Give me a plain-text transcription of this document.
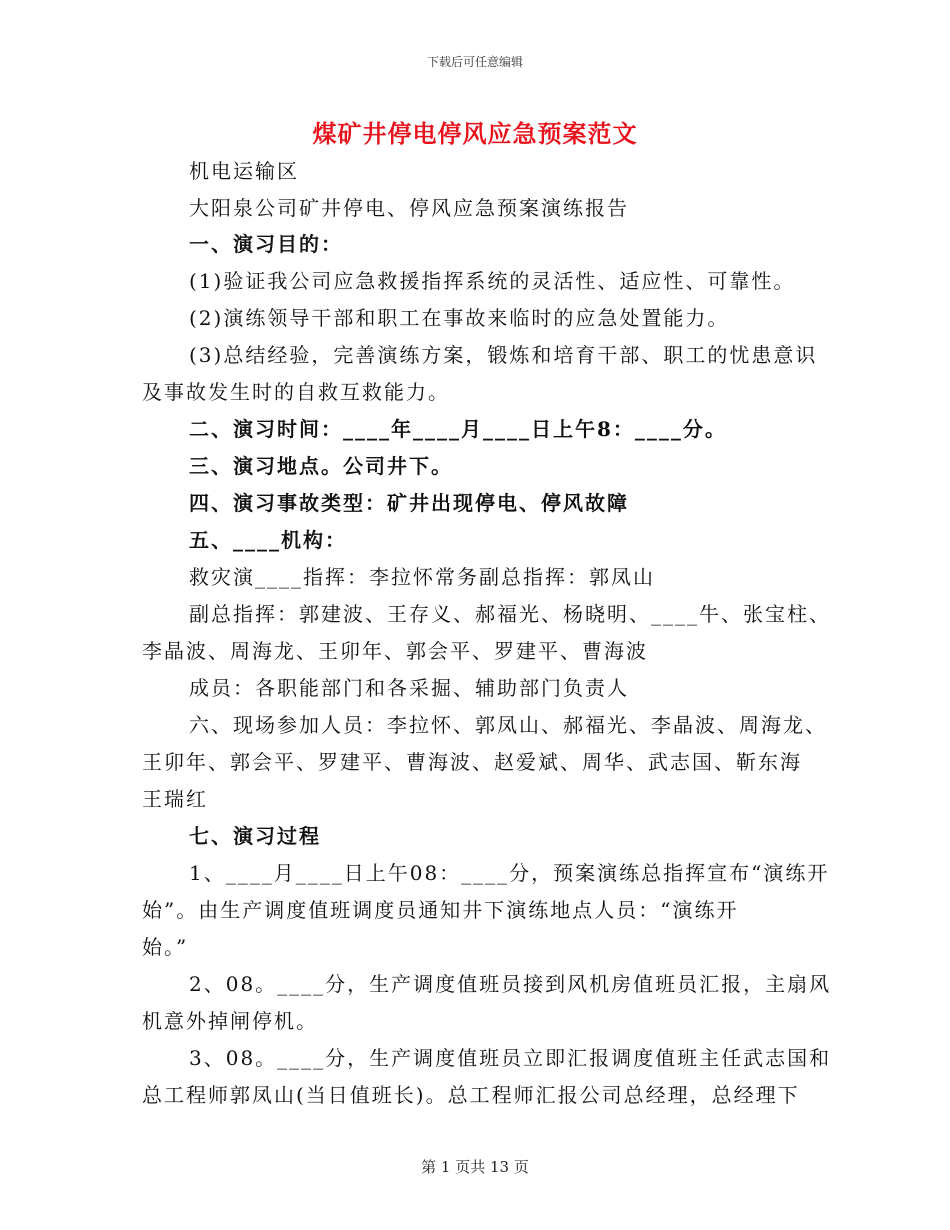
下载后可任意编辑
煤矿井停电停风应急预案范文
机电运输区
大阳泉公司矿井停电、停风应急预案演练报告
一、演习目的：
(1)验证我公司应急救援指挥系统的灵活性、适应性、可靠性。
(2)演练领导干部和职工在事故来临时的应急处置能力。
(3)总结经验，完善演练方案，锻炼和培育干部、职工的忧患意识
及事故发生时的自救互救能力。
二、演习时间：____年____月____日上午8：____分。
三、演习地点。公司井下。
四、演习事故类型：矿井出现停电、停风故障
五、____机构：
救灾演____指挥：李拉怀常务副总指挥：郭凤山
副总指挥：郭建波、王存义、郝福光、杨晓明、____牛、张宝柱、
李晶波、周海龙、王卯年、郭会平、罗建平、曹海波
成员：各职能部门和各采掘、辅助部门负责人
六、现场参加人员：李拉怀、郭凤山、郝福光、李晶波、周海龙、
王卯年、郭会平、罗建平、曹海波、赵爱斌、周华、武志国、靳东海
王瑞红
七、演习过程
1、____月____日上午08：____分，预案演练总指挥宣布“演练开
始”。由生产调度值班调度员通知井下演练地点人员：“演练开
始。”
2、08。____分，生产调度值班员接到风机房值班员汇报，主扇风
机意外掉闸停机。
3、08。____分，生产调度值班员立即汇报调度值班主任武志国和
总工程师郭凤山(当日值班长)。总工程师汇报公司总经理，总经理下
第 1 页共 13 页
